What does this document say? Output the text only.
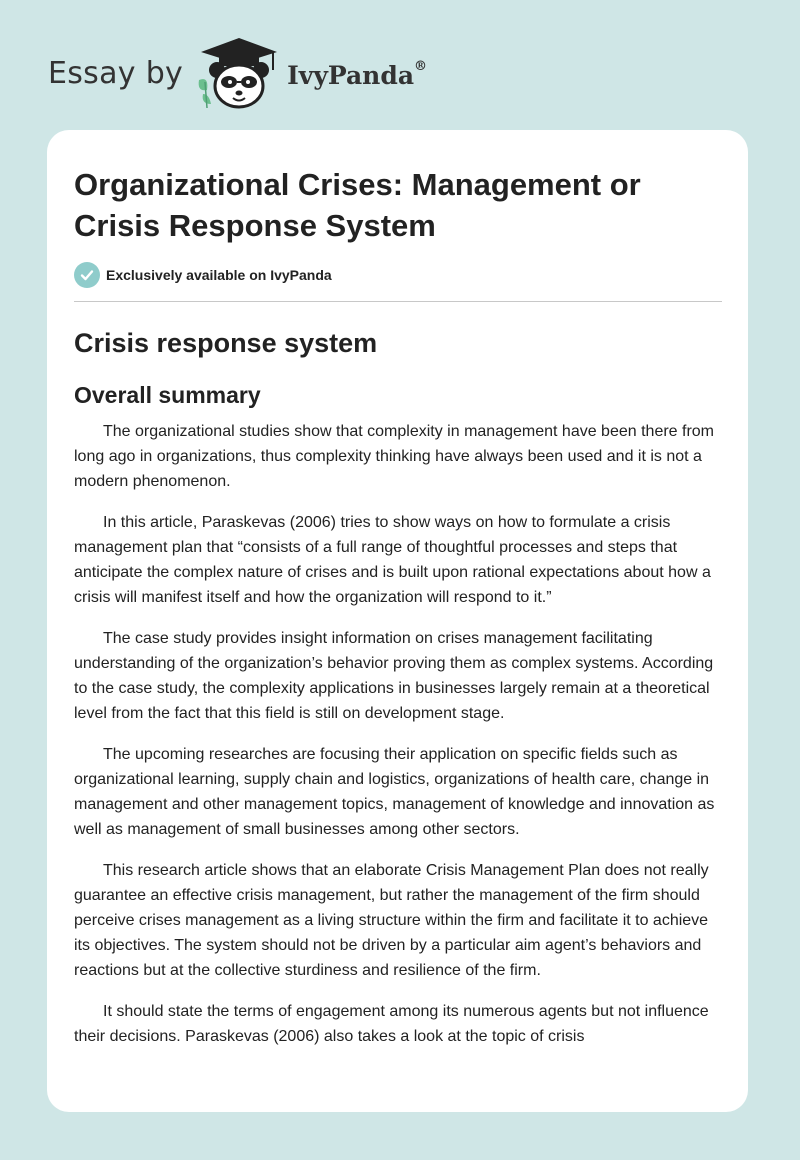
Essay by	IvyPanda®
Organizational Crises: Management or Crisis Response System
Exclusively available on IvyPanda
Crisis response system
Overall summary

The organizational studies show that complexity in management have been there from long ago in organizations, thus complexity thinking have always been used and it is not a modern phenomenon.

In this article, Paraskevas (2006) tries to show ways on how to formulate a crisis management plan that “consists of a full range of thoughtful processes and steps that anticipate the complex nature of crises and is built upon rational expectations about how a crisis will manifest itself and how the organization will respond to it.”

The case study provides insight information on crises management facilitating understanding of the organization’s behavior proving them as complex systems. According to the case study, the complexity applications in businesses largely remain at a theoretical level from the fact that this field is still on development stage.

The upcoming researches are focusing their application on specific fields such as organizational learning, supply chain and logistics, organizations of health care, change in management and other management topics, management of knowledge and innovation as well as management of small businesses among other sectors.

This research article shows that an elaborate Crisis Management Plan does not really guarantee an effective crisis management, but rather the management of the firm should perceive crises management as a living structure within the firm and facilitate it to achieve its objectives. The system should not be driven by a particular aim agent’s behaviors and reactions but at the collective sturdiness and resilience of the firm.

It should state the terms of engagement among its numerous agents but not influence their decisions. Paraskevas (2006) also takes a look at the topic of crisis
